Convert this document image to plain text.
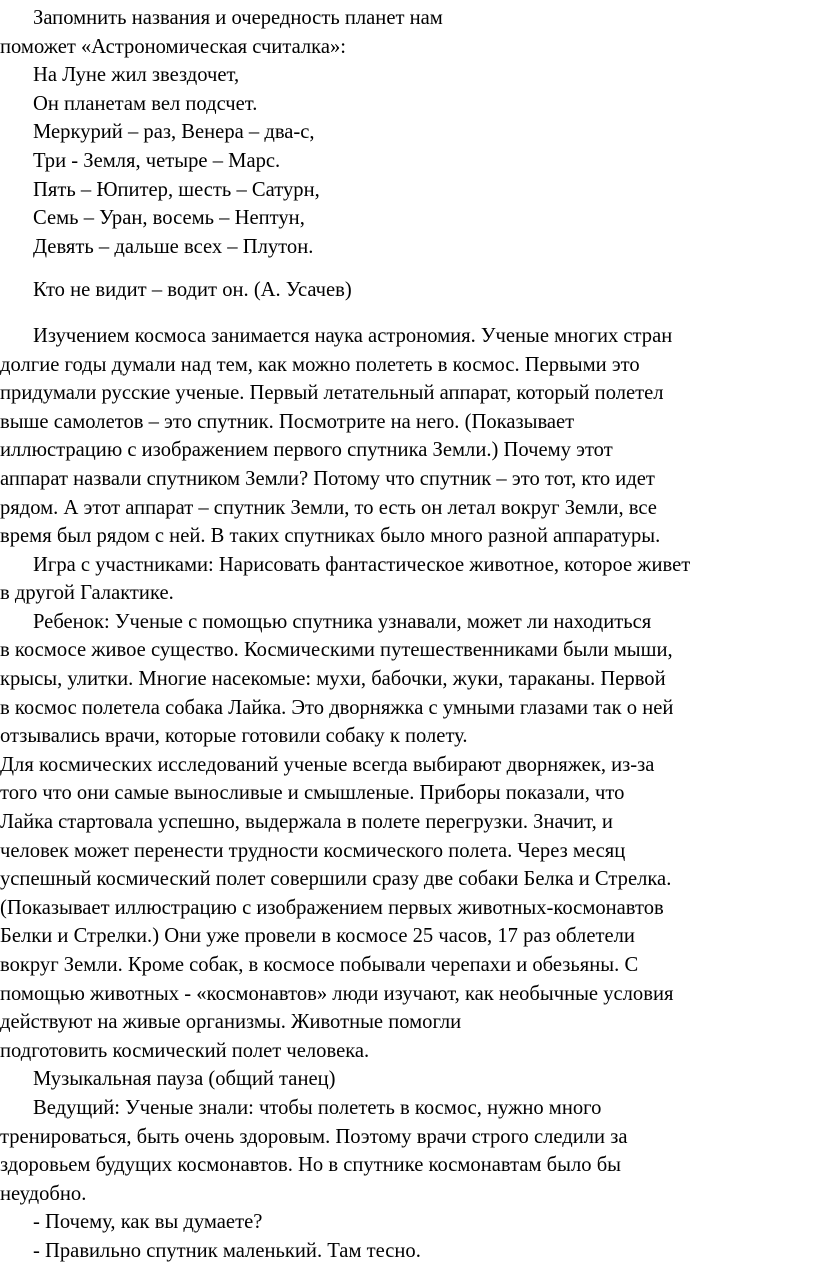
Запомнить названия и очередность планет нам
поможет «Астрономическая считалка»:
На Луне жил звездочет,
Он планетам вел подсчет.
Меркурий – раз, Венера – два-с,
Три - Земля, четыре – Марс.
Пять – Юпитер, шесть – Сатурн,
Семь – Уран, восемь – Нептун,
Девять – дальше всех – Плутон.
Кто не видит – водит он. (А. Усачев)
Изучением космоса занимается наука астрономия. Ученые многих стран
долгие годы думали над тем, как можно полететь в космос. Первыми это
придумали русские ученые. Первый летательный аппарат, который полетел
выше самолетов – это спутник. Посмотрите на него. (Показывает
иллюстрацию с изображением первого спутника Земли.) Почему этот
аппарат назвали спутником Земли? Потому что спутник – это тот, кто идет
рядом. А этот аппарат – спутник Земли, то есть он летал вокруг Земли, все
время был рядом с ней. В таких спутниках было много разной аппаратуры.
Игра с участниками: Нарисовать фантастическое животное, которое живет
в другой Галактике.
Ребенок: Ученые с помощью спутника узнавали, может ли находиться
в космосе живое существо. Космическими путешественниками были мыши,
крысы, улитки. Многие насекомые: мухи, бабочки, жуки, тараканы. Первой
в космос полетела собака Лайка. Это дворняжка с умными глазами так о ней
отзывались врачи, которые готовили собаку к полету.
Для космических исследований ученые всегда выбирают дворняжек, из-за
того что они самые выносливые и смышленые. Приборы показали, что
Лайка стартовала успешно, выдержала в полете перегрузки. Значит, и
человек может перенести трудности космического полета. Через месяц
успешный космический полет совершили сразу две собаки Белка и Стрелка.
(Показывает иллюстрацию с изображением первых животных-космонавтов
Белки и Стрелки.) Они уже провели в космосе 25 часов, 17 раз облетели
вокруг Земли. Кроме собак, в космосе побывали черепахи и обезьяны. С
помощью животных - «космонавтов» люди изучают, как необычные условия
действуют на живые организмы. Животные помогли
подготовить космический полет человека.
Музыкальная пауза (общий танец)
Ведущий: Ученые знали: чтобы полететь в космос, нужно много
тренироваться, быть очень здоровым. Поэтому врачи строго следили за
здоровьем будущих космонавтов. Но в спутнике космонавтам было бы
неудобно.
- Почему, как вы думаете?
- Правильно спутник маленький. Там тесно.
